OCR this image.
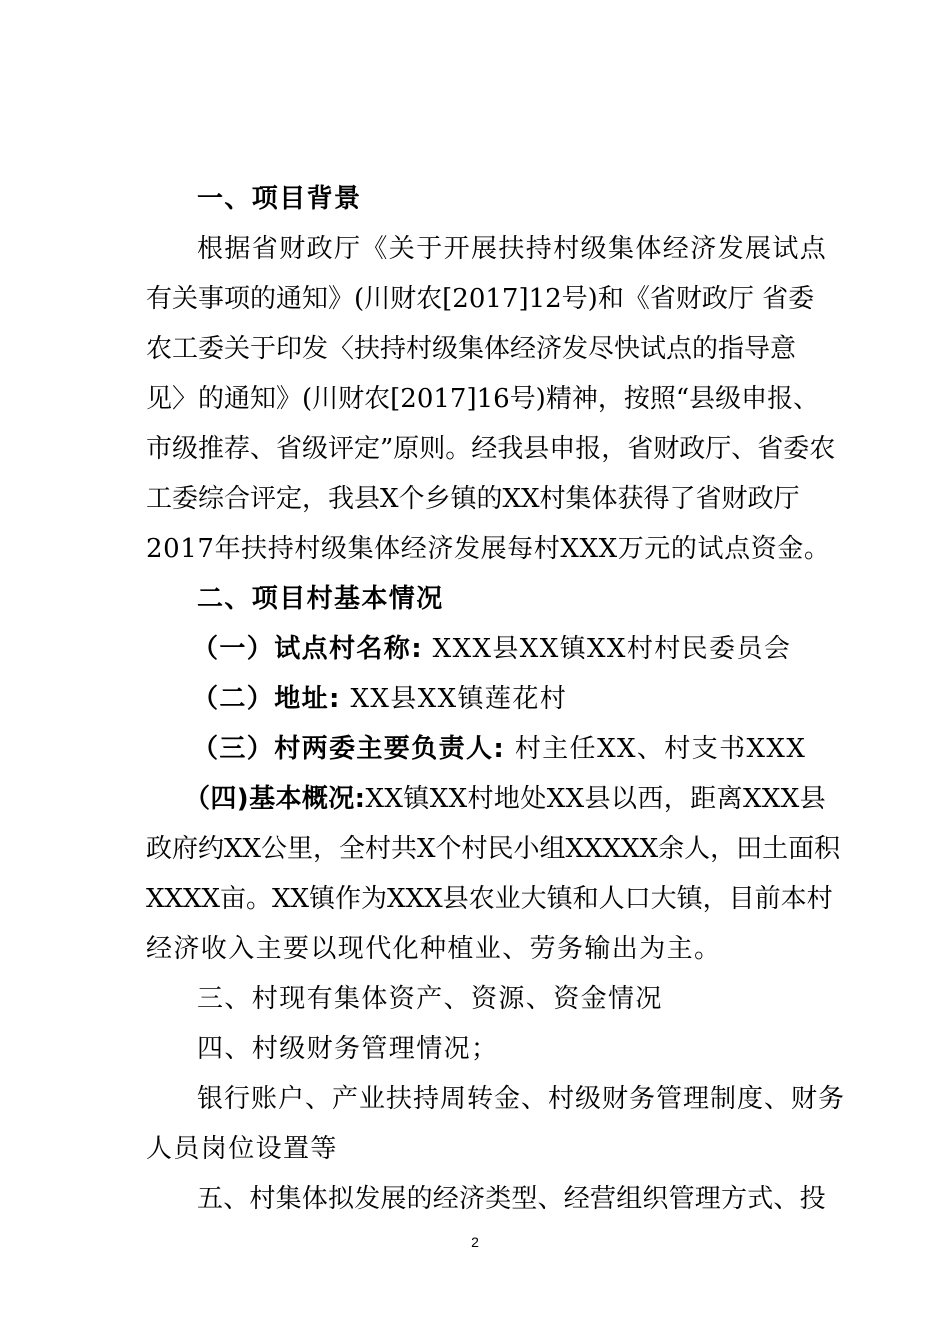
一、项目背景
根据省财政厅《关于开展扶持村级集体经济发展试点
有关事项的通知》(川财农[2017]12号)和《省财政厅 省委
农工委关于印发〈扶持村级集体经济发尽快试点的指导意
见〉的通知》(川财农[2017]16号)精神，按照“县级申报、
市级推荐、省级评定”原则。经我县申报，省财政厅、省委农
工委综合评定，我县X个乡镇的XX村集体获得了省财政厅
2017年扶持村级集体经济发展每村XXX万元的试点资金。
二、项目村基本情况
（一）试点村名称: XXX县XX镇XX村村民委员会
（二）地址: XX县XX镇莲花村
（三）村两委主要负责人: 村主任XX、村支书XXX
（四)基本概况:XX镇XX村地处XX县以西，距离XXX县
政府约XX公里，全村共X个村民小组XXXXX余人，田土面积
XXXX亩。XX镇作为XXX县农业大镇和人口大镇，目前本村
经济收入主要以现代化种植业、劳务输出为主。
三、村现有集体资产、资源、资金情况
四、村级财务管理情况；
银行账户、产业扶持周转金、村级财务管理制度、财务
人员岗位设置等
五、村集体拟发展的经济类型、经营组织管理方式、投
2
